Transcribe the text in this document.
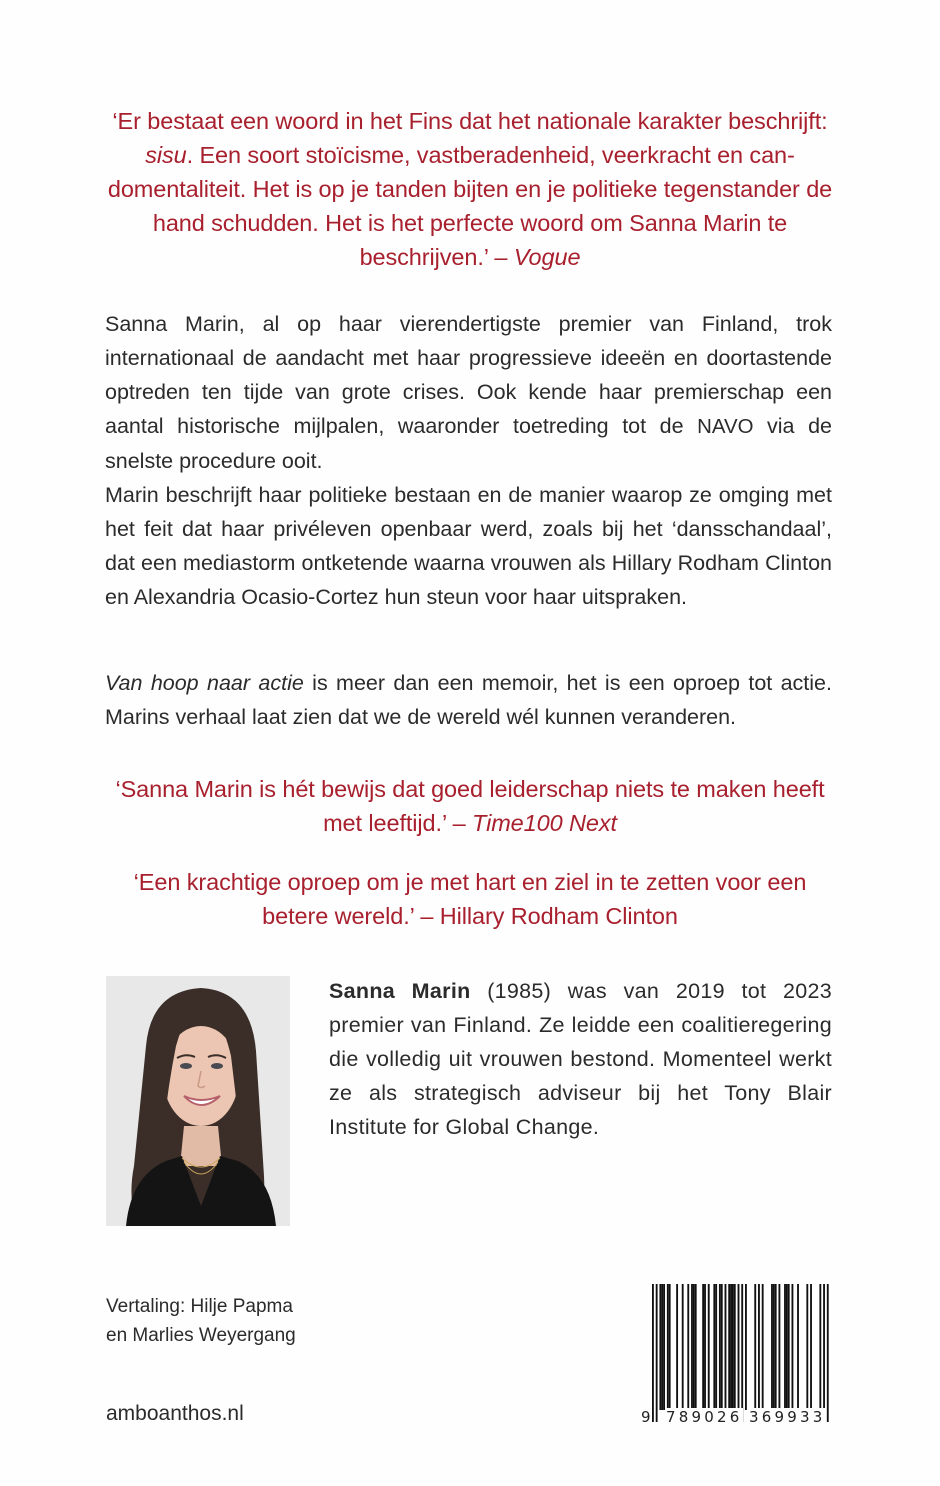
‘Er bestaat een woord in het Fins dat het nationale karakter beschrijft: sisu. Een soort stoïcisme, vastberadenheid, veerkracht en can-domentaliteit. Het is op je tanden bijten en je politieke tegenstander de hand schudden. Het is het perfecte woord om Sanna Marin te beschrijven.’ – Vogue

Sanna Marin, al op haar vierendertigste premier van Finland, trok internationaal de aandacht met haar progressieve ideeën en doortastende optreden ten tijde van grote crises. Ook kende haar premierschap een aantal historische mijlpalen, waaronder toetreding tot de NAVO via de snelste procedure ooit.

Marin beschrijft haar politieke bestaan en de manier waarop ze omging met het feit dat haar privéleven openbaar werd, zoals bij het ‘dansschandaal’, dat een mediastorm ontketende waarna vrouwen als Hillary Rodham Clinton en Alexandria Ocasio-Cortez hun steun voor haar uitspraken.

Van hoop naar actie is meer dan een memoir, het is een oproep tot actie. Marins verhaal laat zien dat we de wereld wél kunnen veranderen.

‘Sanna Marin is hét bewijs dat goed leiderschap niets te maken heeft met leeftijd.’ – Time100 Next
‘Een krachtige oproep om je met hart en ziel in te zetten voor een betere wereld.’ – Hillary Rodham Clinton
Sanna Marin (1985) was van 2019 tot 2023 premier van Finland. Ze leidde een coalitieregering die volledig uit vrouwen bestond. Momenteel werkt ze als strategisch adviseur bij het Tony Blair Institute for Global Change.
Vertaling: Hilje Papma
en Marlies Weyergang
amboanthos.nl	9 789026 369933
